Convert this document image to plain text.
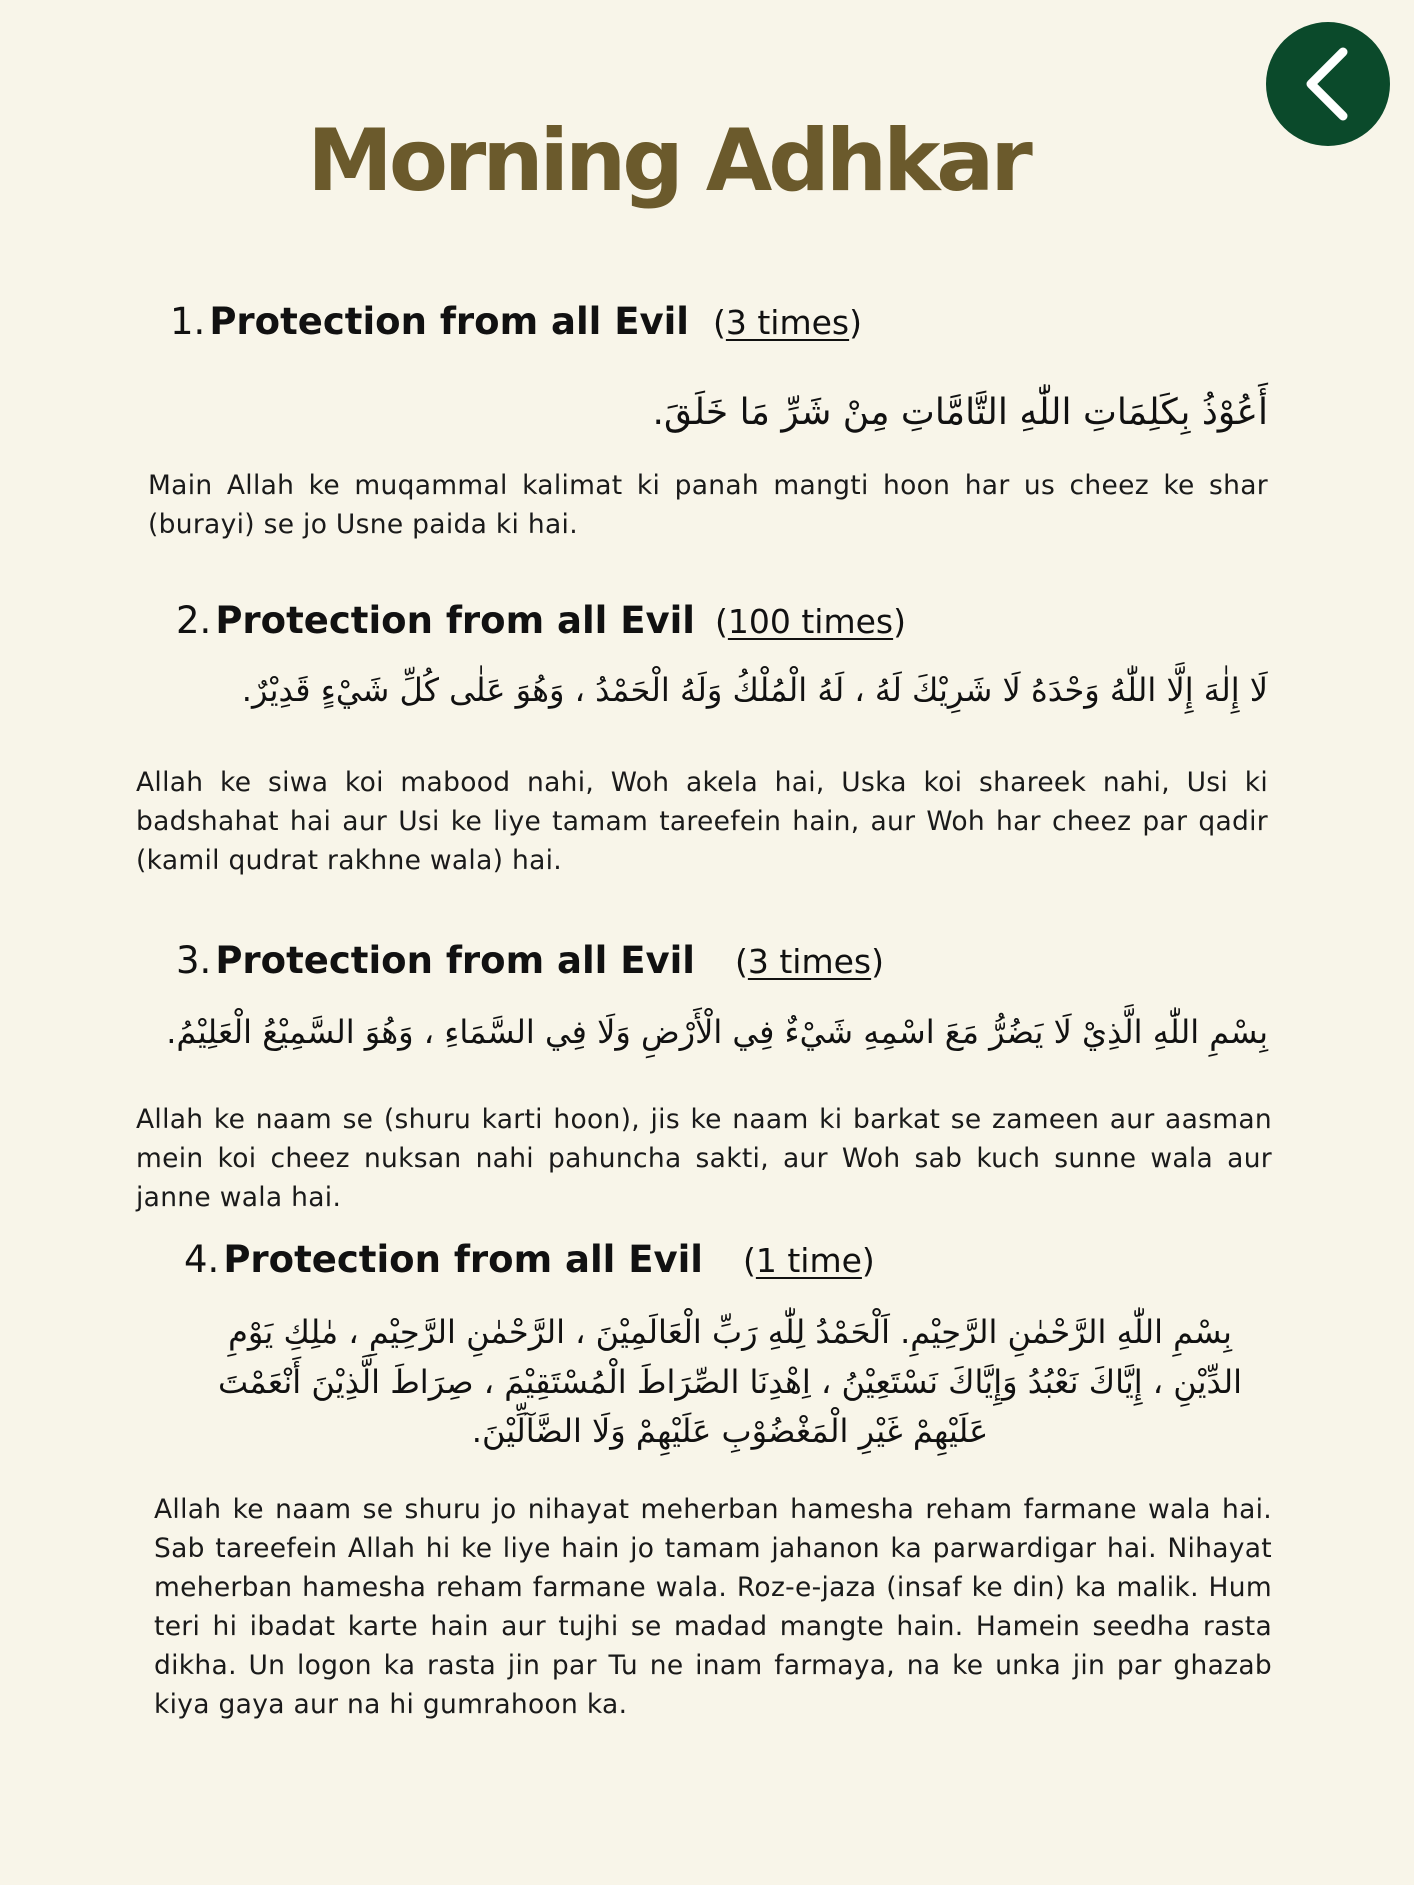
Morning Adhkar
1. Protection from all Evil (3 times)
أَعُوْذُ بِكَلِمَاتِ اللّٰهِ التَّامَّاتِ مِنْ شَرِّ مَا خَلَقَ.
Main Allah ke muqammal kalimat ki panah mangti hoon har us cheez ke shar (burayi) se jo Usne paida ki hai.
2. Protection from all Evil (100 times)
لَا إِلٰهَ إِلَّا اللّٰهُ وَحْدَهُ لَا شَرِيْكَ لَهُ ، لَهُ الْمُلْكُ وَلَهُ الْحَمْدُ ، وَهُوَ عَلٰى كُلِّ شَيْءٍ قَدِيْرٌ.
Allah ke siwa koi mabood nahi, Woh akela hai, Uska koi shareek nahi, Usi ki badshahat hai aur Usi ke liye tamam tareefein hain, aur Woh har cheez par qadir (kamil qudrat rakhne wala) hai.
3. Protection from all Evil (3 times)
بِسْمِ اللّٰهِ الَّذِيْ لَا يَضُرُّ مَعَ اسْمِهِ شَيْءٌ فِي الْأَرْضِ وَلَا فِي السَّمَاءِ ، وَهُوَ السَّمِيْعُ الْعَلِيْمُ.
Allah ke naam se (shuru karti hoon), jis ke naam ki barkat se zameen aur aasman mein koi cheez nuksan nahi pahuncha sakti, aur Woh sab kuch sunne wala aur janne wala hai.
4. Protection from all Evil (1 time)
بِسْمِ اللّٰهِ الرَّحْمٰنِ الرَّحِيْمِ. اَلْحَمْدُ لِلّٰهِ رَبِّ الْعَالَمِيْنَ ، الرَّحْمٰنِ الرَّحِيْمِ ، مٰلِكِ يَوْمِ الدِّيْنِ ، إِيَّاكَ نَعْبُدُ وَإِيَّاكَ نَسْتَعِيْنُ ، اِهْدِنَا الصِّرَاطَ الْمُسْتَقِيْمَ ، صِرَاطَ الَّذِيْنَ أَنْعَمْتَ عَلَيْهِمْ غَيْرِ الْمَغْضُوْبِ عَلَيْهِمْ وَلَا الضَّآلِّيْنَ.
Allah ke naam se shuru jo nihayat meherban hamesha reham farmane wala hai. Sab tareefein Allah hi ke liye hain jo tamam jahanon ka parwardigar hai. Nihayat meherban hamesha reham farmane wala. Roz-e-jaza (insaf ke din) ka malik. Hum teri hi ibadat karte hain aur tujhi se madad mangte hain. Hamein seedha rasta dikha. Un logon ka rasta jin par Tu ne inam farmaya, na ke unka jin par ghazab kiya gaya aur na hi gumrahoon ka.
